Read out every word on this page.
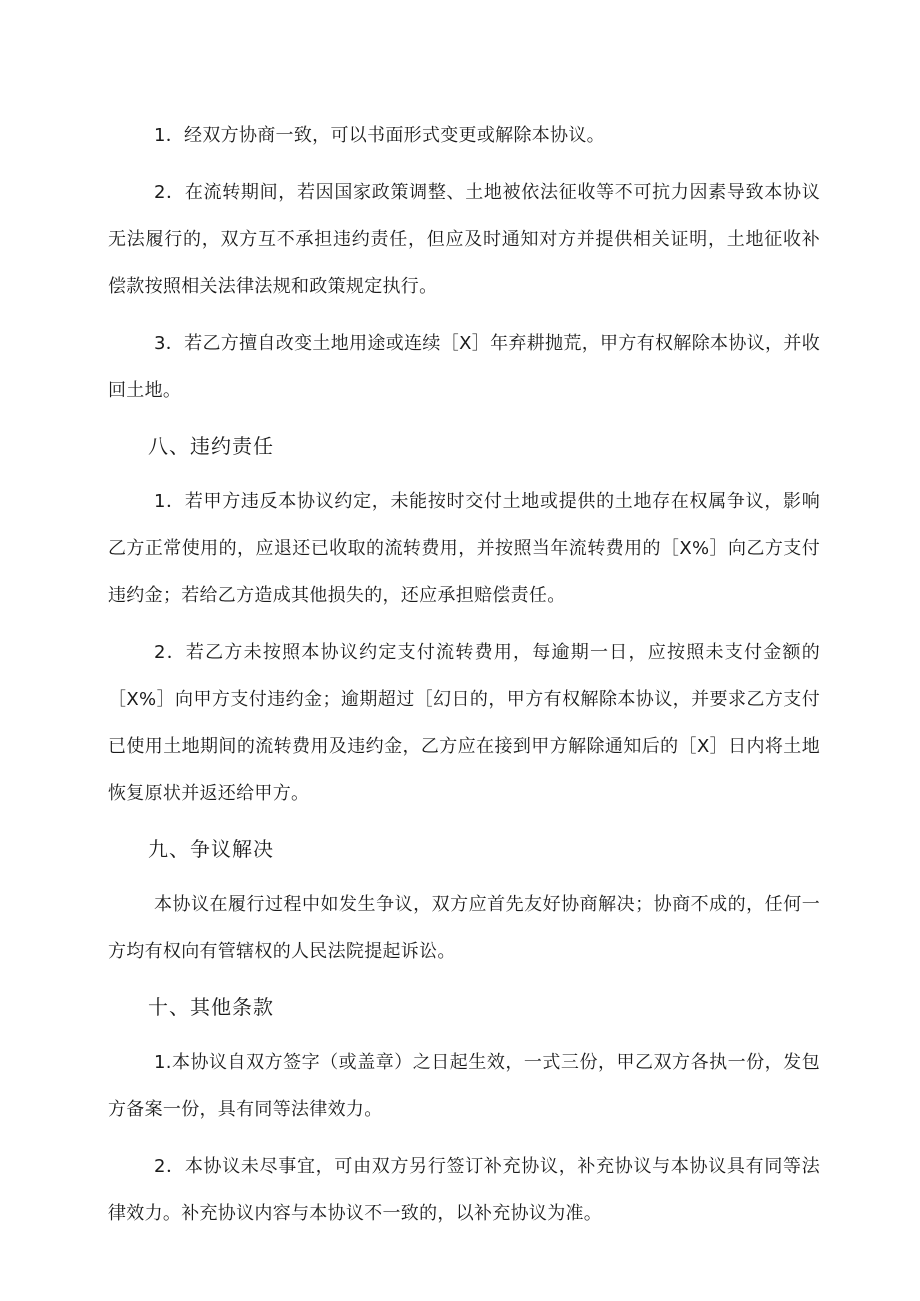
1．经双方协商一致，可以书面形式变更或解除本协议。

2．在流转期间，若因国家政策调整、土地被依法征收等不可抗力因素导致本协议无法履行的，双方互不承担违约责任，但应及时通知对方并提供相关证明，土地征收补偿款按照相关法律法规和政策规定执行。

3．若乙方擅自改变土地用途或连续［X］年弃耕抛荒，甲方有权解除本协议，并收回土地。

八、违约责任

1．若甲方违反本协议约定，未能按时交付土地或提供的土地存在权属争议，影响乙方正常使用的，应退还已收取的流转费用，并按照当年流转费用的［X%］向乙方支付违约金；若给乙方造成其他损失的，还应承担赔偿责任。

2．若乙方未按照本协议约定支付流转费用，每逾期一日，应按照未支付金额的［X%］向甲方支付违约金；逾期超过［幻日的，甲方有权解除本协议，并要求乙方支付已使用土地期间的流转费用及违约金，乙方应在接到甲方解除通知后的［X］日内将土地恢复原状并返还给甲方。

九、争议解决

本协议在履行过程中如发生争议，双方应首先友好协商解决；协商不成的，任何一方均有权向有管辖权的人民法院提起诉讼。

十、其他条款

1.本协议自双方签字（或盖章）之日起生效，一式三份，甲乙双方各执一份，发包方备案一份，具有同等法律效力。

2．本协议未尽事宜，可由双方另行签订补充协议，补充协议与本协议具有同等法律效力。补充协议内容与本协议不一致的，以补充协议为准。
